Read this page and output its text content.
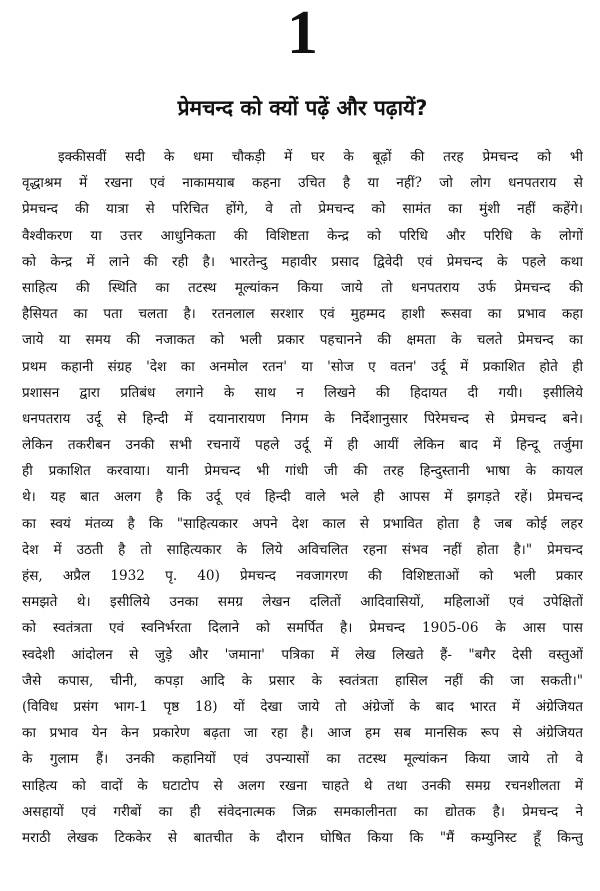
1
प्रेमचन्द को क्यों पढ़ें और पढ़ायें?
इक्कीसवीं सदी के धमा चौकड़ी में घर के बूढ़ों की तरह प्रेमचन्द को भी
वृद्धाश्रम में रखना एवं नाकामयाब कहना उचित है या नहीं? जो लोग धनपतराय से
प्रेमचन्द की यात्रा से परिचित होंगे, वे तो प्रेमचन्द को सामंत का मुंशी नहीं कहेंगे।
वैश्वीकरण या उत्तर आधुनिकता की विशिष्टता केन्द्र को परिधि और परिधि के लोगों
को केन्द्र में लाने की रही है। भारतेन्दु महावीर प्रसाद द्विवेदी एवं प्रेमचन्द के पहले कथा
साहित्य की स्थिति का तटस्थ मूल्यांकन किया जाये तो धनपतराय उर्फ प्रेमचन्द की
हैसियत का पता चलता है। रतनलाल सरशार एवं मुहम्मद हाशी रूसवा का प्रभाव कहा
जाये या समय की नजाकत को भली प्रकार पहचानने की क्षमता के चलते प्रेमचन्द का
प्रथम कहानी संग्रह 'देश का अनमोल रतन' या 'सोज ए वतन' उर्दू में प्रकाशित होते ही
प्रशासन द्वारा प्रतिबंध लगाने के साथ न लिखने की हिदायत दी गयी। इसीलिये
धनपतराय उर्दू से हिन्दी में दयानारायण निगम के निर्देशानुसार पिरेमचन्द से प्रेमचन्द बने।
लेकिन तकरीबन उनकी सभी रचनायें पहले उर्दू में ही आयीं लेकिन बाद में हिन्दू तर्जुमा
ही प्रकाशित करवाया। यानी प्रेमचन्द भी गांधी जी की तरह हिन्दुस्तानी भाषा के कायल
थे। यह बात अलग है कि उर्दू एवं हिन्दी वाले भले ही आपस में झगड़ते रहें। प्रेमचन्द
का स्वयं मंतव्य है कि "साहित्यकार अपने देश काल से प्रभावित होता है जब कोई लहर
देश में उठती है तो साहित्यकार के लिये अविचलित रहना संभव नहीं होता है।" प्रेमचन्द
हंस, अप्रैल 1932 पृ. 40) प्रेमचन्द नवजागरण की विशिष्टताओं को भली प्रकार
समझते थे। इसीलिये उनका समग्र लेखन दलितों आदिवासियों, महिलाओं एवं उपेक्षितों
को स्वतंत्रता एवं स्वनिर्भरता दिलाने को समर्पित है। प्रेमचन्द 1905-06 के आस पास
स्वदेशी आंदोलन से जुड़े और 'जमाना' पत्रिका में लेख लिखते हैं- "बगैर देसी वस्तुओं
जैसे कपास, चीनी, कपड़ा आदि के प्रसार के स्वतंत्रता हासिल नहीं की जा सकती।"
(विविध प्रसंग भाग-1 पृष्ठ 18) यों देखा जाये तो अंग्रेजों के बाद भारत में अंग्रेजियत
का प्रभाव येन केन प्रकारेण बढ़ता जा रहा है। आज हम सब मानसिक रूप से अंग्रेजियत
के गुलाम हैं। उनकी कहानियों एवं उपन्यासों का तटस्थ मूल्यांकन किया जाये तो वे
साहित्य को वादों के घटाटोप से अलग रखना चाहते थे तथा उनकी समग्र रचनशीलता में
असहायों एवं गरीबों का ही संवेदनात्मक जिक्र समकालीनता का द्योतक है। प्रेमचन्द ने
मराठी लेखक टिककेर से बातचीत के दौरान घोषित किया कि "मैं कम्युनिस्ट हूँ किन्तु
